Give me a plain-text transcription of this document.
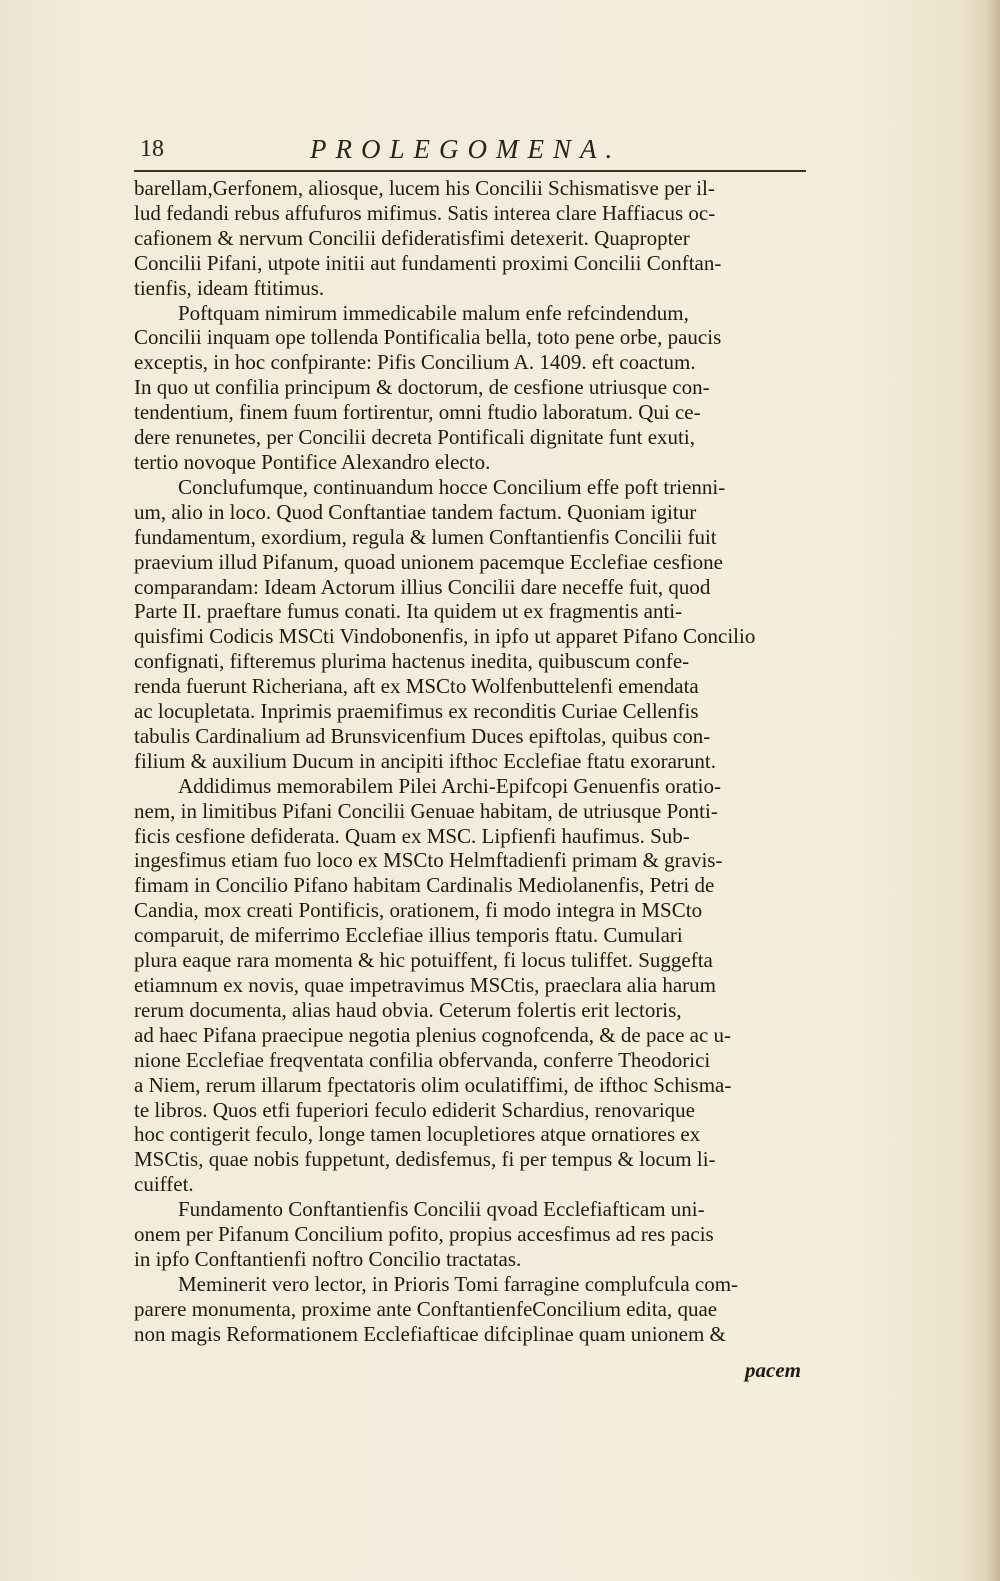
18	PROLEGOMENA.
barellam,Gerfonem, aliosque, lucem his Concilii Schismatisve per il-
lud fedandi rebus affufuros mifimus. Satis interea clare Haffiacus oc-
cafionem & nervum Concilii defideratisfimi detexerit. Quapropter
Concilii Pifani, utpote initii aut fundamenti proximi Concilii Conftan-
tienfis, ideam ftitimus.
Poftquam nimirum immedicabile malum enfe refcindendum,
Concilii inquam ope tollenda Pontificalia bella, toto pene orbe, paucis
exceptis, in hoc confpirante: Pifis Concilium A. 1409. eft coactum.
In quo ut confilia principum & doctorum, de cesfione utriusque con-
tendentium, finem fuum fortirentur, omni ftudio laboratum. Qui ce-
dere renunetes, per Concilii decreta Pontificali dignitate funt exuti,
tertio novoque Pontifice Alexandro electo.
Conclufumque, continuandum hocce Concilium effe poft trienni-
um, alio in loco. Quod Conftantiae tandem factum. Quoniam igitur
fundamentum, exordium, regula & lumen Conftantienfis Concilii fuit
praevium illud Pifanum, quoad unionem pacemque Ecclefiae cesfione
comparandam: Ideam Actorum illius Concilii dare neceffe fuit, quod
Parte II. praeftare fumus conati. Ita quidem ut ex fragmentis anti-
quisfimi Codicis MSCti Vindobonenfis, in ipfo ut apparet Pifano Concilio
confignati, fifteremus plurima hactenus inedita, quibuscum confe-
renda fuerunt Richeriana, aft ex MSCto Wolfenbuttelenfi emendata
ac locupletata. Inprimis praemifimus ex reconditis Curiae Cellenfis
tabulis Cardinalium ad Brunsvicenfium Duces epiftolas, quibus con-
filium & auxilium Ducum in ancipiti ifthoc Ecclefiae ftatu exorarunt.
Addidimus memorabilem Pilei Archi-Epifcopi Genuenfis oratio-
nem, in limitibus Pifani Concilii Genuae habitam, de utriusque Ponti-
ficis cesfione defiderata. Quam ex MSC. Lipfienfi haufimus. Sub-
ingesfimus etiam fuo loco ex MSCto Helmftadienfi primam & gravis-
fimam in Concilio Pifano habitam Cardinalis Mediolanenfis, Petri de
Candia, mox creati Pontificis, orationem, fi modo integra in MSCto
comparuit, de miferrimo Ecclefiae illius temporis ftatu. Cumulari
plura eaque rara momenta & hic potuiffent, fi locus tuliffet. Suggefta
etiamnum ex novis, quae impetravimus MSCtis, praeclara alia harum
rerum documenta, alias haud obvia. Ceterum folertis erit lectoris,
ad haec Pifana praecipue negotia plenius cognofcenda, & de pace ac u-
nione Ecclefiae freqventata confilia obfervanda, conferre Theodorici
a Niem, rerum illarum fpectatoris olim oculatiffimi, de ifthoc Schisma-
te libros. Quos etfi fuperiori feculo ediderit Schardius, renovarique
hoc contigerit feculo, longe tamen locupletiores atque ornatiores ex
MSCtis, quae nobis fuppetunt, dedisfemus, fi per tempus & locum li-
cuiffet.
Fundamento Conftantienfis Concilii qvoad Ecclefiafticam uni-
onem per Pifanum Concilium pofito, propius accesfimus ad res pacis
in ipfo Conftantienfi noftro Concilio tractatas.
Meminerit vero lector, in Prioris Tomi farragine complufcula com-
parere monumenta, proxime ante ConftantienfeConcilium edita, quae
non magis Reformationem Ecclefiafticae difciplinae quam unionem &
pacem
